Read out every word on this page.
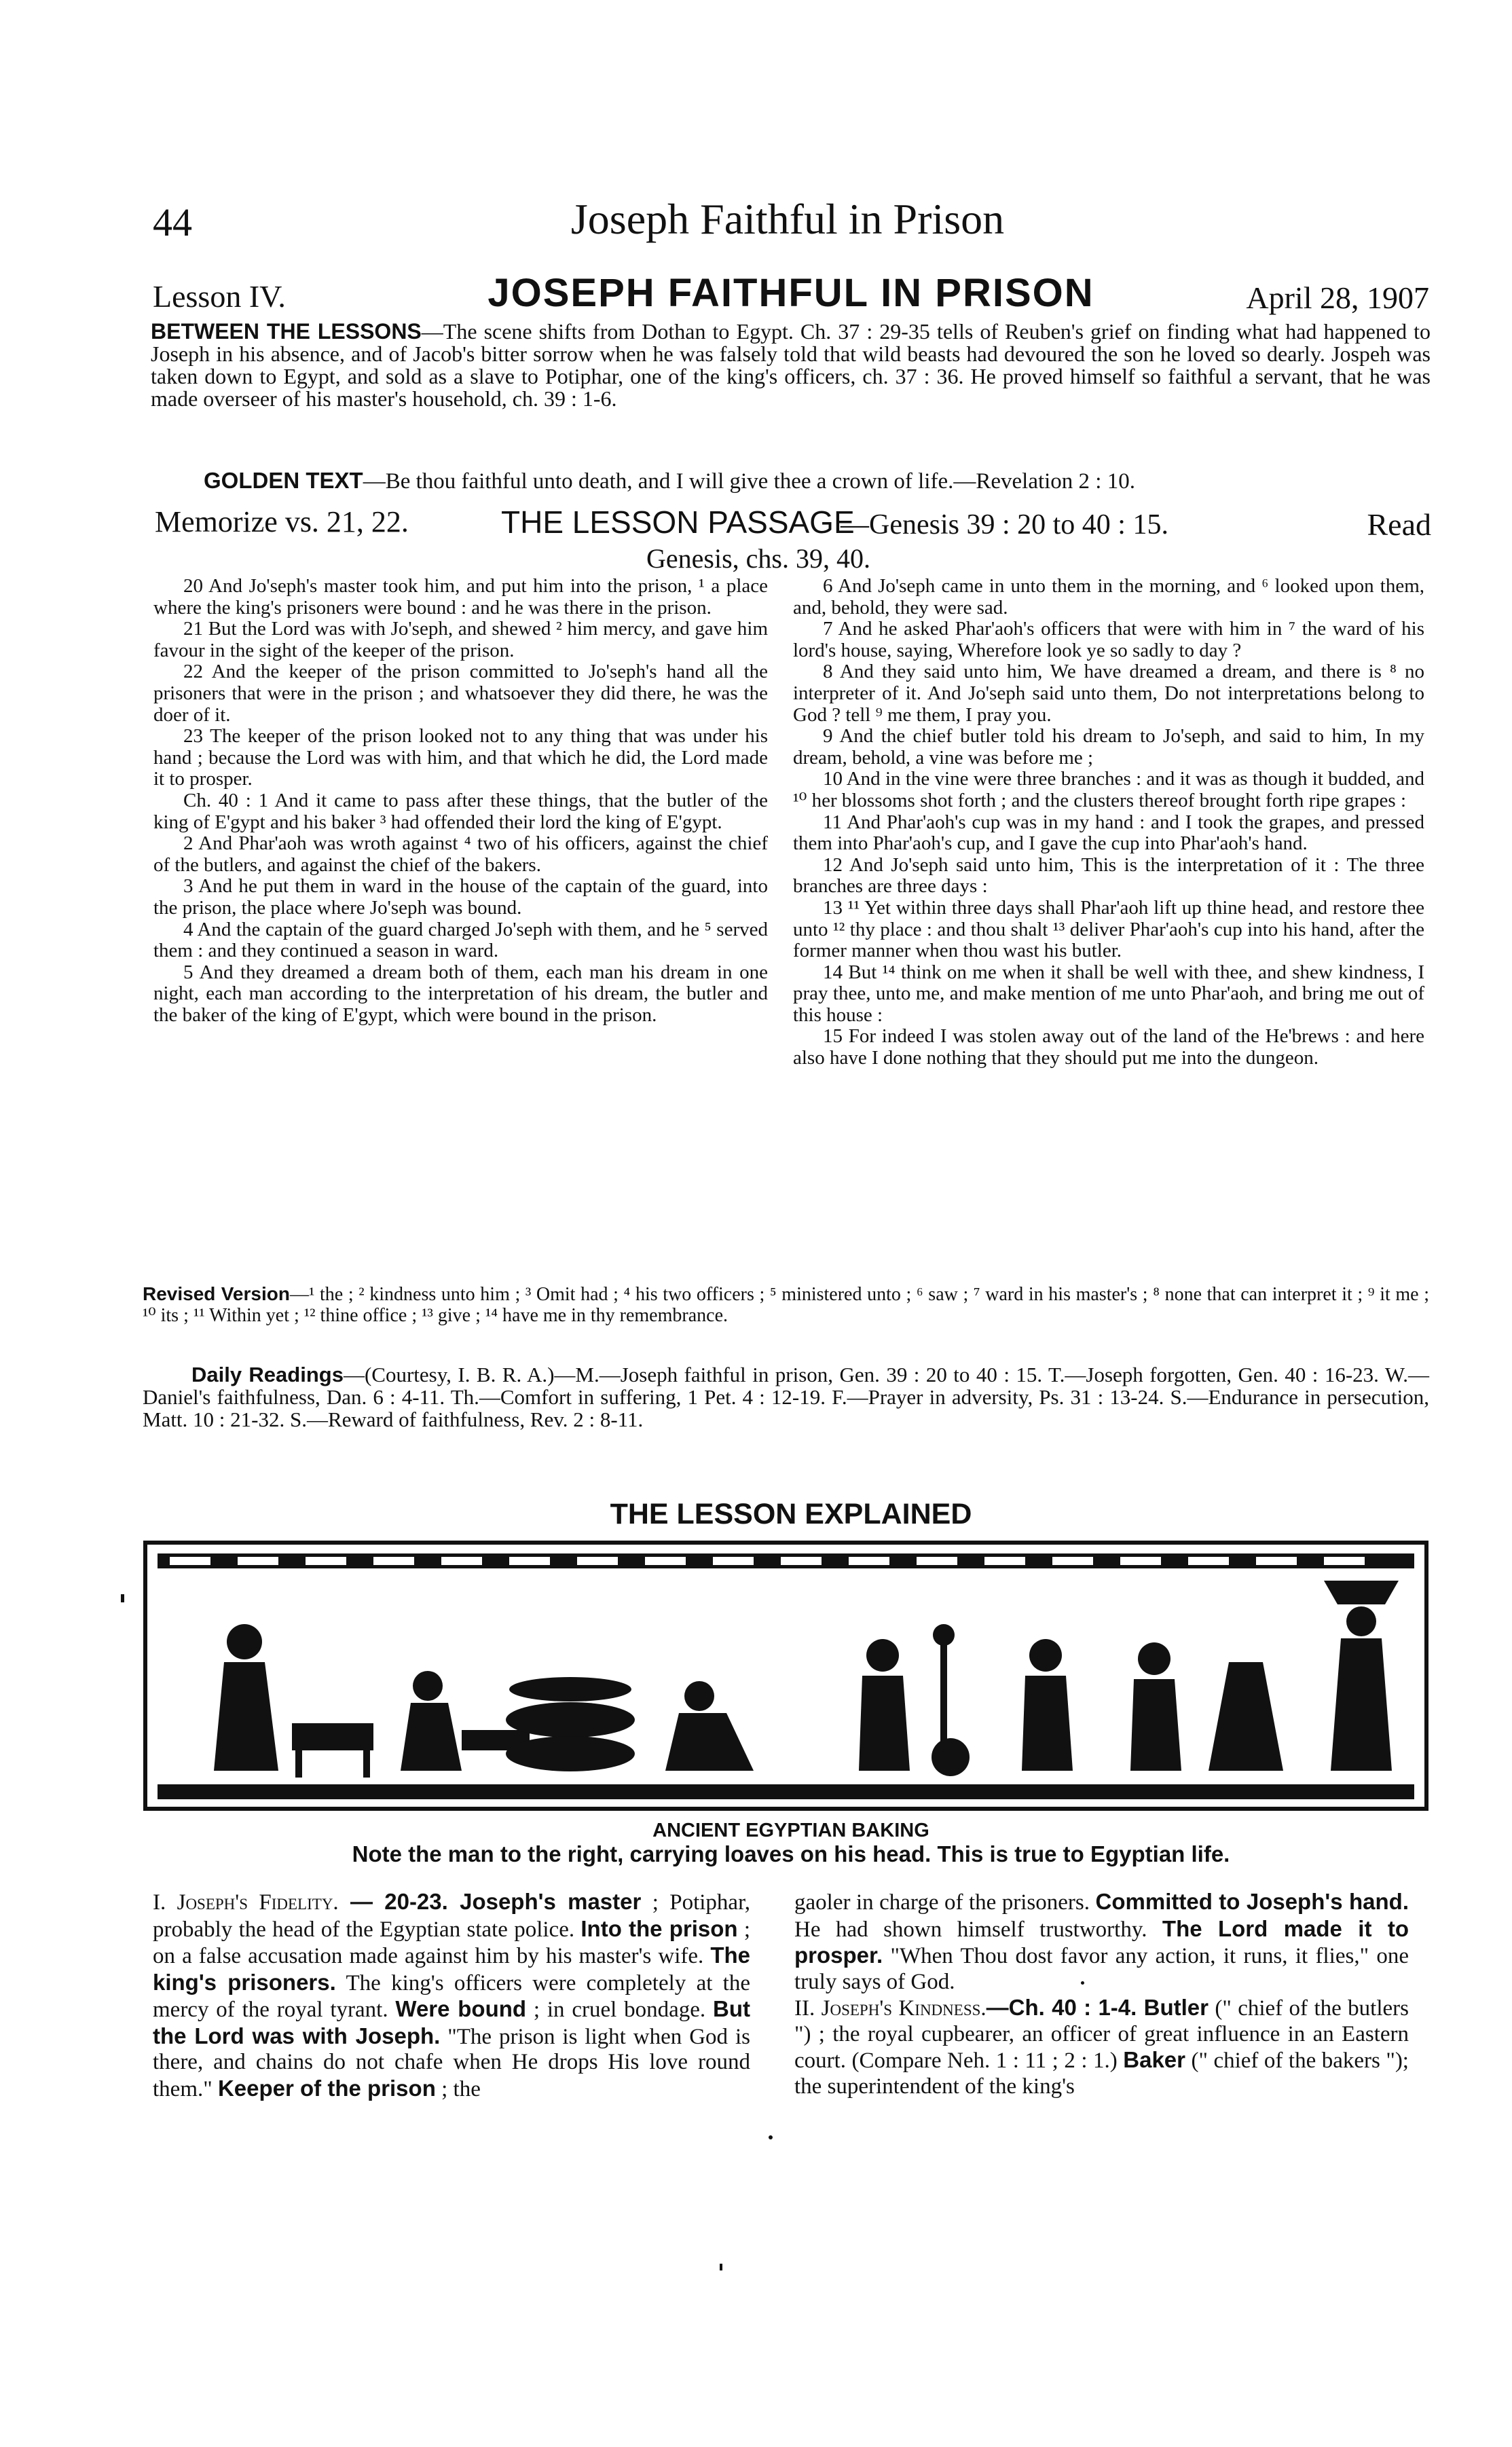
44	Joseph Faithful in Prison
Lesson IV.	JOSEPH FAITHFUL IN PRISON	April 28, 1907
BETWEEN THE LESSONS—The scene shifts from Dothan to Egypt. Ch. 37 : 29-35 tells of Reuben's grief on finding what had happened to Joseph in his absence, and of Jacob's bitter sorrow when he was falsely told that wild beasts had devoured the son he loved so dearly. Jospeh was taken down to Egypt, and sold as a slave to Potiphar, one of the king's officers, ch. 37 : 36. He proved himself so faithful a servant, that he was made overseer of his master's household, ch. 39 : 1-6.
GOLDEN TEXT—Be thou faithful unto death, and I will give thee a crown of life.—Revelation 2 : 10.
Memorize vs. 21, 22.	THE LESSON PASSAGE
—Genesis 39 : 20 to 40 : 15.	Read
Genesis, chs. 39, 40.

20 And Jo'seph's master took him, and put him into the prison, ¹ a place where the king's prisoners were bound : and he was there in the prison.

21 But the Lord was with Jo'seph, and shewed ² him mercy, and gave him favour in the sight of the keeper of the prison.

22 And the keeper of the prison committed to Jo'seph's hand all the prisoners that were in the prison ; and whatsoever they did there, he was the doer of it.

23 The keeper of the prison looked not to any thing that was under his hand ; because the Lord was with him, and that which he did, the Lord made it to prosper.

Ch. 40 : 1 And it came to pass after these things, that the butler of the king of E'gypt and his baker ³ had offended their lord the king of E'gypt.

2 And Phar'aoh was wroth against ⁴ two of his officers, against the chief of the butlers, and against the chief of the bakers.

3 And he put them in ward in the house of the captain of the guard, into the prison, the place where Jo'seph was bound.

4 And the captain of the guard charged Jo'seph with them, and he ⁵ served them : and they continued a season in ward.

5 And they dreamed a dream both of them, each man his dream in one night, each man according to the interpretation of his dream, the butler and the baker of the king of E'gypt, which were bound in the prison.

6 And Jo'seph came in unto them in the morning, and ⁶ looked upon them, and, behold, they were sad.

7 And he asked Phar'aoh's officers that were with him in ⁷ the ward of his lord's house, saying, Wherefore look ye so sadly to day ?

8 And they said unto him, We have dreamed a dream, and there is ⁸ no interpreter of it. And Jo'seph said unto them, Do not interpretations belong to God ? tell ⁹ me them, I pray you.

9 And the chief butler told his dream to Jo'seph, and said to him, In my dream, behold, a vine was before me ;

10 And in the vine were three branches : and it was as though it budded, and ¹⁰ her blossoms shot forth ; and the clusters thereof brought forth ripe grapes :

11 And Phar'aoh's cup was in my hand : and I took the grapes, and pressed them into Phar'aoh's cup, and I gave the cup into Phar'aoh's hand.

12 And Jo'seph said unto him, This is the interpretation of it : The three branches are three days :

13 ¹¹ Yet within three days shall Phar'aoh lift up thine head, and restore thee unto ¹² thy place : and thou shalt ¹³ deliver Phar'aoh's cup into his hand, after the former manner when thou wast his butler.

14 But ¹⁴ think on me when it shall be well with thee, and shew kindness, I pray thee, unto me, and make mention of me unto Phar'aoh, and bring me out of this house :

15 For indeed I was stolen away out of the land of the He'brews : and here also have I done nothing that they should put me into the dungeon.

Revised Version—¹ the ; ² kindness unto him ; ³ Omit had ; ⁴ his two officers ; ⁵ ministered unto ; ⁶ saw ; ⁷ ward in his master's ; ⁸ none that can interpret it ; ⁹ it me ; ¹⁰ its ; ¹¹ Within yet ; ¹² thine office ; ¹³ give ; ¹⁴ have me in thy remembrance.
Daily Readings—(Courtesy, I. B. R. A.)—M.—Joseph faithful in prison, Gen. 39 : 20 to 40 : 15. T.—Joseph forgotten, Gen. 40 : 16-23. W.—Daniel's faithfulness, Dan. 6 : 4-11. Th.—Comfort in suffering, 1 Pet. 4 : 12-19. F.—Prayer in adversity, Ps. 31 : 13-24. S.—Endurance in persecution, Matt. 10 : 21-32. S.—Reward of faithfulness, Rev. 2 : 8-11.
THE LESSON EXPLAINED
ANCIENT EGYPTIAN BAKING
Note the man to the right, carrying loaves on his head. This is true to Egyptian life.
I. Joseph's Fidelity. — 20-23. Joseph's master ; Potiphar, probably the head of the Egyptian state police. Into the prison ; on a false accusation made against him by his master's wife. The king's prisoners. The king's officers were completely at the mercy of the royal tyrant. Were bound ; in cruel bondage. But the Lord was with Joseph. "The prison is light when God is there, and chains do not chafe when He drops His love round them." Keeper of the prison ; the
gaoler in charge of the prisoners. Committed to Joseph's hand. He had shown himself trustworthy. The Lord made it to prosper. "When Thou dost favor any action, it runs, it flies," one truly says of God.
II. Joseph's Kindness.—Ch. 40 : 1-4. Butler (" chief of the butlers ") ; the royal cupbearer, an officer of great influence in an Eastern court. (Compare Neh. 1 : 11 ; 2 : 1.) Baker (" chief of the bakers "); the superintendent of the king's
